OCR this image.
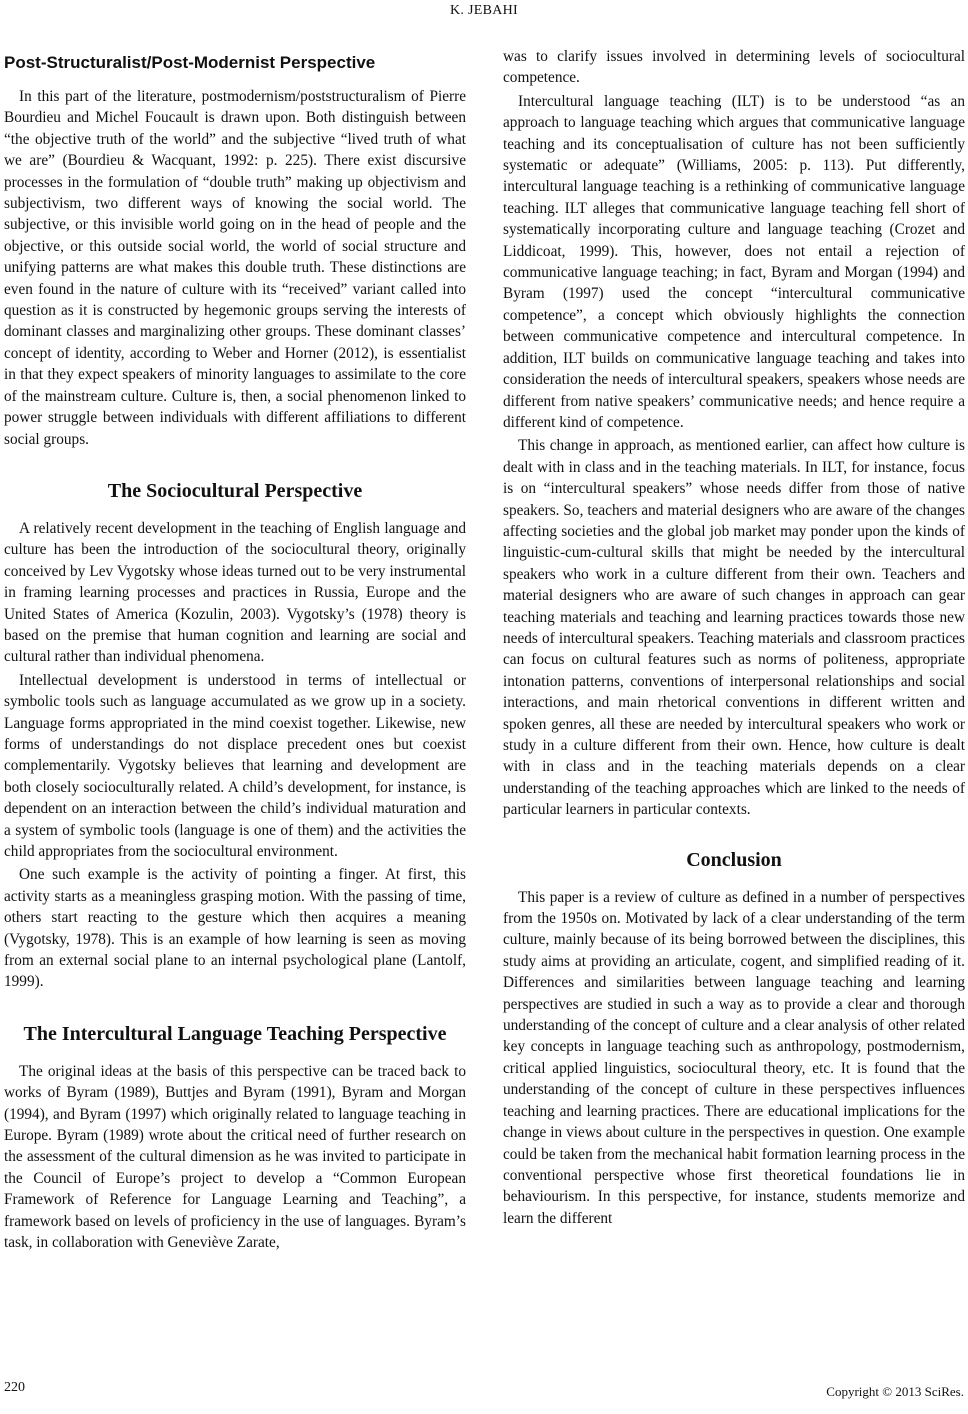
K. JEBAHI
Post-Structuralist/Post-Modernist Perspective

In this part of the literature, postmodernism/poststructuralism of Pierre Bourdieu and Michel Foucault is drawn upon. Both distinguish between “the objective truth of the world” and the subjective “lived truth of what we are” (Bourdieu & Wacquant, 1992: p. 225). There exist discursive processes in the formulation of “double truth” making up objectivism and subjectivism, two different ways of knowing the social world. The subjective, or this invisible world going on in the head of people and the objective, or this outside social world, the world of social structure and unifying patterns are what makes this double truth. These distinctions are even found in the nature of culture with its “received” variant called into question as it is constructed by hegemonic groups serving the interests of dominant classes and marginalizing other groups. These dominant classes’ concept of identity, according to Weber and Horner (2012), is essentialist in that they expect speakers of minority languages to assimilate to the core of the mainstream culture. Culture is, then, a social phenomenon linked to power struggle between individuals with different affiliations to different social groups.

The Sociocultural Perspective

A relatively recent development in the teaching of English language and culture has been the introduction of the sociocultural theory, originally conceived by Lev Vygotsky whose ideas turned out to be very instrumental in framing learning processes and practices in Russia, Europe and the United States of America (Kozulin, 2003). Vygotsky’s (1978) theory is based on the premise that human cognition and learning are social and cultural rather than individual phenomena.

Intellectual development is understood in terms of intellectual or symbolic tools such as language accumulated as we grow up in a society. Language forms appropriated in the mind coexist together. Likewise, new forms of understandings do not displace precedent ones but coexist complementarily. Vygotsky believes that learning and development are both closely socioculturally related. A child’s development, for instance, is dependent on an interaction between the child’s individual maturation and a system of symbolic tools (language is one of them) and the activities the child appropriates from the sociocultural environment.

One such example is the activity of pointing a finger. At first, this activity starts as a meaningless grasping motion. With the passing of time, others start reacting to the gesture which then acquires a meaning (Vygotsky, 1978). This is an example of how learning is seen as moving from an external social plane to an internal psychological plane (Lantolf, 1999).

The Intercultural Language Teaching Perspective

The original ideas at the basis of this perspective can be traced back to works of Byram (1989), Buttjes and Byram (1991), Byram and Morgan (1994), and Byram (1997) which originally related to language teaching in Europe. Byram (1989) wrote about the critical need of further research on the assessment of the cultural dimension as he was invited to participate in the Council of Europe’s project to develop a “Common European Framework of Reference for Language Learning and Teaching”, a framework based on levels of proficiency in the use of languages. Byram’s task, in collaboration with Geneviève Zarate,

was to clarify issues involved in determining levels of sociocultural competence.

Intercultural language teaching (ILT) is to be understood “as an approach to language teaching which argues that communicative language teaching and its conceptualisation of culture has not been sufficiently systematic or adequate” (Williams, 2005: p. 113). Put differently, intercultural language teaching is a rethinking of communicative language teaching. ILT alleges that communicative language teaching fell short of systematically incorporating culture and language teaching (Crozet and Liddicoat, 1999). This, however, does not entail a rejection of communicative language teaching; in fact, Byram and Morgan (1994) and Byram (1997) used the concept “intercultural communicative competence”, a concept which obviously highlights the connection between communicative competence and intercultural competence. In addition, ILT builds on communicative language teaching and takes into consideration the needs of intercultural speakers, speakers whose needs are different from native speakers’ communicative needs; and hence require a different kind of competence.

This change in approach, as mentioned earlier, can affect how culture is dealt with in class and in the teaching materials. In ILT, for instance, focus is on “intercultural speakers” whose needs differ from those of native speakers. So, teachers and material designers who are aware of the changes affecting societies and the global job market may ponder upon the kinds of linguistic-cum-cultural skills that might be needed by the intercultural speakers who work in a culture different from their own. Teachers and material designers who are aware of such changes in approach can gear teaching materials and teaching and learning practices towards those new needs of intercultural speakers. Teaching materials and classroom practices can focus on cultural features such as norms of politeness, appropriate intonation patterns, conventions of interpersonal relationships and social interactions, and main rhetorical conventions in different written and spoken genres, all these are needed by intercultural speakers who work or study in a culture different from their own. Hence, how culture is dealt with in class and in the teaching materials depends on a clear understanding of the teaching approaches which are linked to the needs of particular learners in particular contexts.

Conclusion

This paper is a review of culture as defined in a number of perspectives from the 1950s on. Motivated by lack of a clear understanding of the term culture, mainly because of its being borrowed between the disciplines, this study aims at providing an articulate, cogent, and simplified reading of it. Differences and similarities between language teaching and learning perspectives are studied in such a way as to provide a clear and thorough understanding of the concept of culture and a clear analysis of other related key concepts in language teaching such as anthropology, postmodernism, critical applied linguistics, sociocultural theory, etc. It is found that the understanding of the concept of culture in these perspectives influences teaching and learning practices. There are educational implications for the change in views about culture in the perspectives in question. One example could be taken from the mechanical habit formation learning process in the conventional perspective whose first theoretical foundations lie in behaviourism. In this perspective, for instance, students memorize and learn the different

220	Copyright © 2013 SciRes.
